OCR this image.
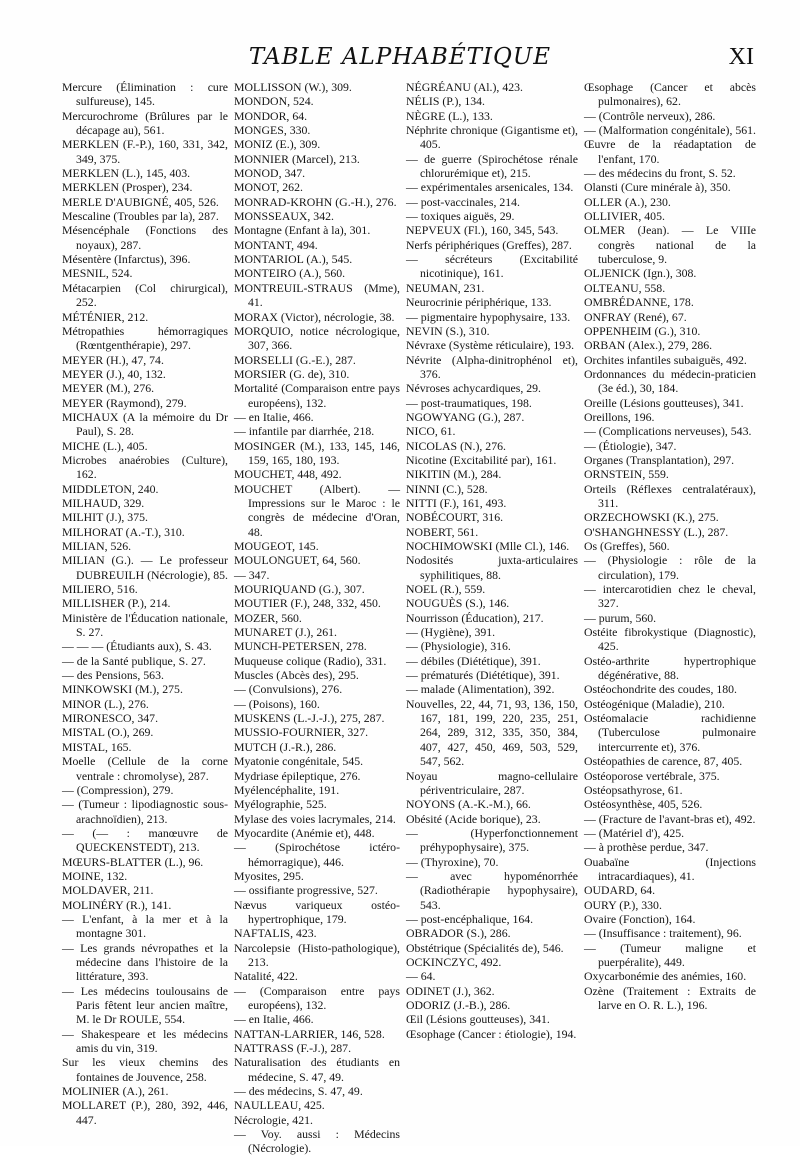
TABLE ALPHABÉTIQUE	XI

Mercure (Élimination : cure sulfureuse), 145.

Mercurochrome (Brûlures par le décapage au), 561.

MERKLEN (F.-P.), 160, 331, 342, 349, 375.

MERKLEN (L.), 145, 403.

MERKLEN (Prosper), 234.

MERLE D'AUBIGNÉ, 405, 526.

Mescaline (Troubles par la), 287.

Mésencéphale (Fonctions des noyaux), 287.

Mésentère (Infarctus), 396.

MESNIL, 524.

Métacarpien (Col chirurgical), 252.

MÉTÉNIER, 212.

Métropathies hémorragiques (Rœntgenthérapie), 297.

MEYER (H.), 47, 74.

MEYER (J.), 40, 132.

MEYER (M.), 276.

MEYER (Raymond), 279.

MICHAUX (A la mémoire du Dr Paul), S. 28.

MICHE (L.), 405.

Microbes anaérobies (Culture), 162.

MIDDLETON, 240.

MILHAUD, 329.

MILHIT (J.), 375.

MILHORAT (A.-T.), 310.

MILIAN, 526.

MILIAN (G.). — Le professeur DUBREUILH (Nécrologie), 85.

MILIERO, 516.

MILLISHER (P.), 214.

Ministère de l'Éducation nationale, S. 27.

— — — (Étudiants aux), S. 43.

— de la Santé publique, S. 27.

— des Pensions, 563.

MINKOWSKI (M.), 275.

MINOR (L.), 276.

MIRONESCO, 347.

MISTAL (O.), 269.

MISTAL, 165.

Moelle (Cellule de la corne ventrale : chromolyse), 287.

— (Compression), 279.

— (Tumeur : lipodiagnostic sous-arachnoïdien), 213.

— (— : manœuvre de QUECKENSTEDT), 213.

MŒURS-BLATTER (L.), 96.

MOINE, 132.

MOLDAVER, 211.

MOLINÉRY (R.), 141.

— L'enfant, à la mer et à la montagne 301.

— Les grands névropathes et la médecine dans l'histoire de la littérature, 393.

— Les médecins toulousains de Paris fêtent leur ancien maître, M. le Dr ROULE, 554.

— Shakespeare et les médecins amis du vin, 319.

Sur les vieux chemins des fontaines de Jouvence, 258.

MOLINIER (A.), 261.

MOLLARET (P.), 280, 392, 446, 447.

MOLLISSON (W.), 309.

MONDON, 524.

MONDOR, 64.

MONGES, 330.

MONIZ (E.), 309.

MONNIER (Marcel), 213.

MONOD, 347.

MONOT, 262.

MONRAD-KROHN (G.-H.), 276.

MONSSEAUX, 342.

Montagne (Enfant à la), 301.

MONTANT, 494.

MONTARIOL (A.), 545.

MONTEIRO (A.), 560.

MONTREUIL-STRAUS (Mme), 41.

MORAX (Victor), nécrologie, 38.

MORQUIO, notice nécrologique, 307, 366.

MORSELLI (G.-E.), 287.

MORSIER (G. de), 310.

Mortalité (Comparaison entre pays européens), 132.

— en Italie, 466.

— infantile par diarrhée, 218.

MOSINGER (M.), 133, 145, 146, 159, 165, 180, 193.

MOUCHET, 448, 492.

MOUCHET (Albert). — Impressions sur le Maroc : le congrès de médecine d'Oran, 48.

MOUGEOT, 145.

MOULONGUET, 64, 560.

— 347.

MOURIQUAND (G.), 307.

MOUTIER (F.), 248, 332, 450.

MOZER, 560.

MUNARET (J.), 261.

MUNCH-PETERSEN, 278.

Muqueuse colique (Radio), 331.

Muscles (Abcès des), 295.

— (Convulsions), 276.

— (Poisons), 160.

MUSKENS (L.-J.-J.), 275, 287.

MUSSIO-FOURNIER, 327.

MUTCH (J.-R.), 286.

Myatonie congénitale, 545.

Mydriase épileptique, 276.

Myélencéphalite, 191.

Myélographie, 525.

Mylase des voies lacrymales, 214.

Myocardite (Anémie et), 448.

— (Spirochétose ictéro-hémorragique), 446.

Myosites, 295.

— ossifiante progressive, 527.

Nævus variqueux ostéo-hypertrophique, 179.

NAFTALIS, 423.

Narcolepsie (Histo-pathologique), 213.

Natalité, 422.

— (Comparaison entre pays européens), 132.

— en Italie, 466.

NATTAN-LARRIER, 146, 528.

NATTRASS (F.-J.), 287.

Naturalisation des étudiants en médecine, S. 47, 49.

— des médecins, S. 47, 49.

NAULLEAU, 425.

Nécrologie, 421.

— Voy. aussi : Médecins (Nécrologie).

NÉGRÉANU (Al.), 423.

NÉLIS (P.), 134.

NÈGRE (L.), 133.

Néphrite chronique (Gigantisme et), 405.

— de guerre (Spirochétose rénale chlorurémique et), 215.

— expérimentales arsenicales, 134.

— post-vaccinales, 214.

— toxiques aiguës, 29.

NEPVEUX (Fl.), 160, 345, 543.

Nerfs périphériques (Greffes), 287.

— sécréteurs (Excitabilité nicotinique), 161.

NEUMAN, 231.

Neurocrinie périphérique, 133.

— pigmentaire hypophysaire, 133.

NEVIN (S.), 310.

Névraxe (Système réticulaire), 193.

Névrite (Alpha-dinitrophénol et), 376.

Névroses achycardiques, 29.

— post-traumatiques, 198.

NGOWYANG (G.), 287.

NICO, 61.

NICOLAS (N.), 276.

Nicotine (Excitabilité par), 161.

NIKITIN (M.), 284.

NINNI (C.), 528.

NITTI (F.), 161, 493.

NOBÉCOURT, 316.

NOBERT, 561.

NOCHIMOWSKI (Mlle Cl.), 146.

Nodosités juxta-articulaires syphilitiques, 88.

NOEL (R.), 559.

NOUGUÈS (S.), 146.

Nourrisson (Éducation), 217.

— (Hygiène), 391.

— (Physiologie), 316.

— débiles (Diététique), 391.

— prématurés (Diététique), 391.

— malade (Alimentation), 392.

Nouvelles, 22, 44, 71, 93, 136, 150, 167, 181, 199, 220, 235, 251, 264, 289, 312, 335, 350, 384, 407, 427, 450, 469, 503, 529, 547, 562.

Noyau magno-cellulaire périventriculaire, 287.

NOYONS (A.-K.-M.), 66.

Obésité (Acide borique), 23.

— (Hyperfonctionnement préhypophysaire), 375.

— (Thyroxine), 70.

— avec hypoménorrhée (Radiothérapie hypophysaire), 543.

— post-encéphalique, 164.

OBRADOR (S.), 286.

Obstétrique (Spécialités de), 546.

OCKINCZYC, 492.

— 64.

ODINET (J.), 362.

ODORIZ (J.-B.), 286.

Œil (Lésions goutteuses), 341.

Œsophage (Cancer : étiologie), 194.

Œsophage (Cancer et abcès pulmonaires), 62.

— (Contrôle nerveux), 286.

— (Malformation congénitale), 561.

Œuvre de la réadaptation de l'enfant, 170.

— des médecins du front, S. 52.

Olansti (Cure minérale à), 350.

OLLER (A.), 230.

OLLIVIER, 405.

OLMER (Jean). — Le VIIIe congrès national de la tuberculose, 9.

OLJENICK (Ign.), 308.

OLTEANU, 558.

OMBRÉDANNE, 178.

ONFRAY (René), 67.

OPPENHEIM (G.), 310.

ORBAN (Alex.), 279, 286.

Orchites infantiles subaiguës, 492.

Ordonnances du médecin-praticien (3e éd.), 30, 184.

Oreille (Lésions goutteuses), 341.

Oreillons, 196.

— (Complications nerveuses), 543.

— (Étiologie), 347.

Organes (Transplantation), 297.

ORNSTEIN, 559.

Orteils (Réflexes centralatéraux), 311.

ORZECHOWSKI (K.), 275.

O'SHANGHNESSY (L.), 287.

Os (Greffes), 560.

— (Physiologie : rôle de la circulation), 179.

— intercarotidien chez le cheval, 327.

— purum, 560.

Ostéite fibrokystique (Diagnostic), 425.

Ostéo-arthrite hypertrophique dégénérative, 88.

Ostéochondrite des coudes, 180.

Ostéogénique (Maladie), 210.

Ostéomalacie rachidienne (Tuberculose pulmonaire intercurrente et), 376.

Ostéopathies de carence, 87, 405.

Ostéoporose vertébrale, 375.

Ostéopsathyrose, 61.

Ostéosynthèse, 405, 526.

— (Fracture de l'avant-bras et), 492.

— (Matériel d'), 425.

— à prothèse perdue, 347.

Ouabaïne (Injections intracardiaques), 41.

OUDARD, 64.

OURY (P.), 330.

Ovaire (Fonction), 164.

— (Insuffisance : traitement), 96.

— (Tumeur maligne et puerpéralite), 449.

Oxycarbonémie des anémies, 160.

Ozène (Traitement : Extraits de larve en O. R. L.), 196.
